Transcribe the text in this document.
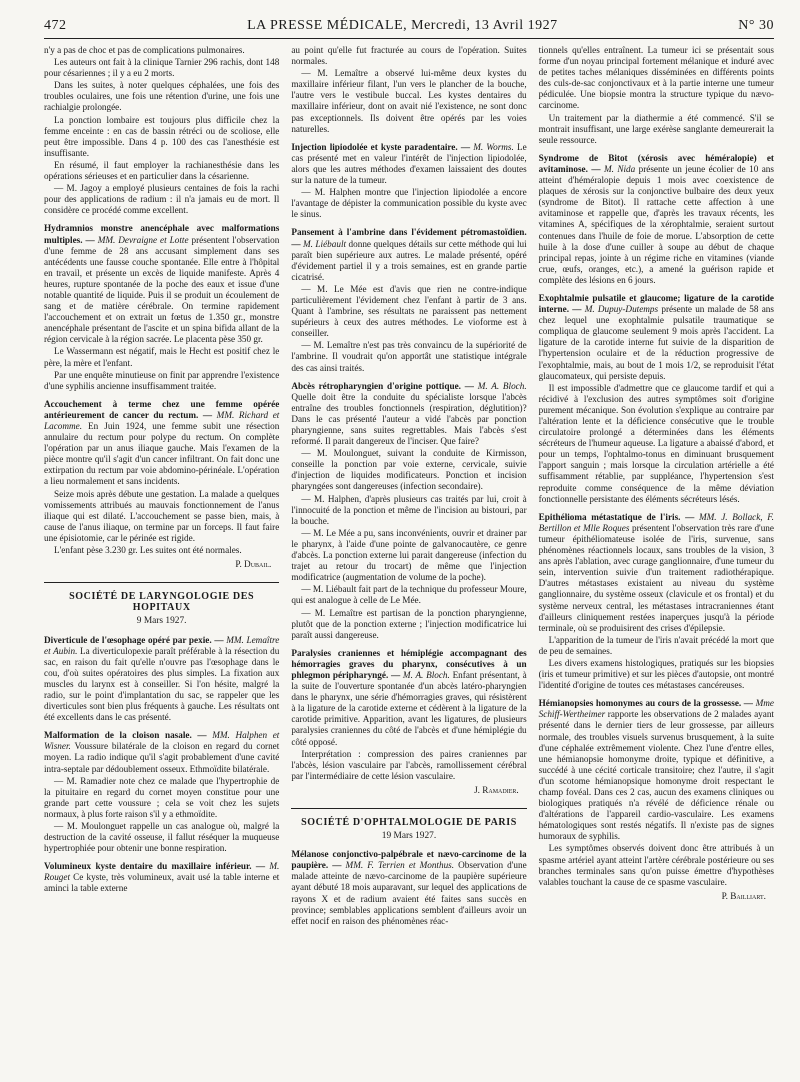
472	LA PRESSE MÉDICALE, Mercredi, 13 Avril 1927	N° 30

n'y a pas de choc et pas de complications pulmonaires.

Les auteurs ont fait à la clinique Tarnier 296 rachis, dont 148 pour césariennes ; il y a eu 2 morts.

Dans les suites, à noter quelques céphalées, une fois des troubles oculaires, une fois une rétention d'urine, une fois une rachialgie prolongée.

La ponction lombaire est toujours plus difficile chez la femme enceinte : en cas de bassin rétréci ou de scoliose, elle peut être impossible. Dans 4 p. 100 des cas l'anesthésie est insuffisante.

En résumé, il faut employer la rachianesthésie dans les opérations sérieuses et en particulier dans la césarienne.

— M. Jagoy a employé plusieurs centaines de fois la rachi pour des applications de radium : il n'a jamais eu de mort. Il considère ce procédé comme excellent.

Hydramnios monstre anencéphale avec malformations multiples. — MM. Devraigne et Lotte présentent l'observation d'une femme de 28 ans accusant simplement dans ses antécédents une fausse couche spontanée. Elle entre à l'hôpital en travail, et présente un excès de liquide manifeste. Après 4 heures, rupture spontanée de la poche des eaux et issue d'une notable quantité de liquide. Puis il se produit un écoulement de sang et de matière cérébrale. On termine rapidement l'accouchement et on extrait un fœtus de 1.350 gr., monstre anencéphale présentant de l'ascite et un spina bifida allant de la région cervicale à la région sacrée. Le placenta pèse 350 gr.

Le Wassermann est négatif, mais le Hecht est positif chez le père, la mère et l'enfant.

Par une enquête minutieuse on finit par apprendre l'existence d'une syphilis ancienne insuffisamment traitée.

Accouchement à terme chez une femme opérée antérieurement de cancer du rectum. — MM. Richard et Lacomme. En Juin 1924, une femme subit une résection annulaire du rectum pour polype du rectum. On complète l'opération par un anus iliaque gauche. Mais l'examen de la pièce montre qu'il s'agit d'un cancer infiltrant. On fait donc une extirpation du rectum par voie abdomino-périnéale. L'opération a lieu normalement et sans incidents.

Seize mois après débute une gestation. La malade a quelques vomissements attribués au mauvais fonctionnement de l'anus iliaque qui est dilaté. L'accouchement se passe bien, mais, à cause de l'anus iliaque, on termine par un forceps. Il faut faire une épisiotomie, car le périnée est rigide.

L'enfant pèse 3.230 gr. Les suites ont été normales.

P. Dubail.

SOCIÉTÉ DE LARYNGOLOGIE DES HOPITAUX
9 Mars 1927.

Diverticule de l'œsophage opéré par pexie. — MM. Lemaître et Aubin. La diverticulopexie paraît préférable à la résection du sac, en raison du fait qu'elle n'ouvre pas l'œsophage dans le cou, d'où suites opératoires des plus simples. La fixation aux muscles du larynx est à conseiller. Si l'on hésite, malgré la radio, sur le point d'implantation du sac, se rappeler que les diverticules sont bien plus fréquents à gauche. Les résultats ont été excellents dans le cas présenté.

Malformation de la cloison nasale. — MM. Halphen et Wisner. Voussure bilatérale de la cloison en regard du cornet moyen. La radio indique qu'il s'agit probablement d'une cavité intra-septale par dédoublement osseux. Ethmoïdite bilatérale.

— M. Ramadier note chez ce malade que l'hypertrophie de la pituitaire en regard du cornet moyen constitue pour une grande part cette voussure ; cela se voit chez les sujets normaux, à plus forte raison s'il y a ethmoïdite.

— M. Moulonguet rappelle un cas analogue où, malgré la destruction de la cavité osseuse, il fallut réséquer la muqueuse hypertrophiée pour obtenir une bonne respiration.

Volumineux kyste dentaire du maxillaire inférieur. — M. Rouget Ce kyste, très volumineux, avait usé la table interne et aminci la table externe

au point qu'elle fut fracturée au cours de l'opération. Suites normales.

— M. Lemaître a observé lui-même deux kystes du maxillaire inférieur filant, l'un vers le plancher de la bouche, l'autre vers le vestibule buccal. Les kystes dentaires du maxillaire inférieur, dont on avait nié l'existence, ne sont donc pas exceptionnels. Ils doivent être opérés par les voies naturelles.

Injection lipiodolée et kyste paradentaire. — M. Worms. Le cas présenté met en valeur l'intérêt de l'injection lipiodolée, alors que les autres méthodes d'examen laissaient des doutes sur la nature de la tumeur.

— M. Halphen montre que l'injection lipiodolée a encore l'avantage de dépister la communication possible du kyste avec le sinus.

Pansement à l'ambrine dans l'évidement pétromastoïdien. — M. Liébault donne quelques détails sur cette méthode qui lui paraît bien supérieure aux autres. Le malade présenté, opéré d'évidement partiel il y a trois semaines, est en grande partie cicatrisé.

— M. Le Mée est d'avis que rien ne contre-indique particulièrement l'évidement chez l'enfant à partir de 3 ans. Quant à l'ambrine, ses résultats ne paraissent pas nettement supérieurs à ceux des autres méthodes. Le vioforme est à conseiller.

— M. Lemaître n'est pas très convaincu de la supériorité de l'ambrine. Il voudrait qu'on apportât une statistique intégrale des cas ainsi traités.

Abcès rétropharyngien d'origine pottique. — M. A. Bloch. Quelle doit être la conduite du spécialiste lorsque l'abcès entraîne des troubles fonctionnels (respiration, déglutition)? Dans le cas présenté l'auteur a vidé l'abcès par ponction pharyngienne, sans suites regrettables. Mais l'abcès s'est reformé. Il parait dangereux de l'inciser. Que faire?

— M. Moulonguet, suivant la conduite de Kirmisson, conseille la ponction par voie externe, cervicale, suivie d'injection de liquides modificateurs. Ponction et incision pharyngées sont dangereuses (infection secondaire).

— M. Halphen, d'après plusieurs cas traités par lui, croit à l'innocuité de la ponction et même de l'incision au bistouri, par la bouche.

— M. Le Mée a pu, sans inconvénients, ouvrir et drainer par le pharynx, à l'aide d'une pointe de galvanocautère, ce genre d'abcès. La ponction externe lui parait dangereuse (infection du trajet au retour du trocart) de même que l'injection modificatrice (augmentation de volume de la poche).

— M. Liébault fait part de la technique du professeur Moure, qui est analogue à celle de Le Mée.

— M. Lemaître est partisan de la ponction pharyngienne, plutôt que de la ponction externe ; l'injection modificatrice lui paraît aussi dangereuse.

Paralysies craniennes et hémiplégie accompagnant des hémorragies graves du pharynx, consécutives à un phlegmon péripharyngé. — M. A. Bloch. Enfant présentant, à la suite de l'ouverture spontanée d'un abcès latéro-pharyngien dans le pharynx, une série d'hémorragies graves, qui résistèrent à la ligature de la carotide externe et cédèrent à la ligature de la carotide primitive. Apparition, avant les ligatures, de plusieurs paralysies craniennes du côté de l'abcès et d'une hémiplégie du côté opposé.

Interprétation : compression des paires craniennes par l'abcès, lésion vasculaire par l'abcès, ramollissement cérébral par l'intermédiaire de cette lésion vasculaire.

J. Ramadier.

SOCIÉTÉ D'OPHTALMOLOGIE DE PARIS
19 Mars 1927.

Mélanose conjonctivo-palpébrale et nævo-carcinome de la paupière. — MM. F. Terrien et Monthus. Observation d'une malade atteinte de nævo-carcinome de la paupière supérieure ayant débuté 18 mois auparavant, sur lequel des applications de rayons X et de radium avaient été faites sans succès en province; semblables applications semblent d'ailleurs avoir un effet nocif en raison des phénomènes réac-

tionnels qu'elles entraînent. La tumeur ici se présentait sous forme d'un noyau principal fortement mélanique et induré avec de petites taches mélaniques disséminées en différents points des culs-de-sac conjonctivaux et à la partie interne une tumeur pédiculée. Une biopsie montra la structure typique du nævo-carcinome.

Un traitement par la diathermie a été commencé. S'il se montrait insuffisant, une large exérèse sanglante demeurerait la seule ressource.

Syndrome de Bitot (xérosis avec héméralopie) et avitaminose. — M. Nida présente un jeune écolier de 10 ans atteint d'héméralopie depuis 1 mois avec coexistence de plaques de xérosis sur la conjonctive bulbaire des deux yeux (syndrome de Bitot). Il rattache cette affection à une avitaminose et rappelle que, d'après les travaux récents, les vitamines A, spécifiques de la xérophtalmie, seraient surtout contenues dans l'huile de foie de morue. L'absorption de cette huile à la dose d'une cuiller à soupe au début de chaque principal repas, jointe à un régime riche en vitamines (viande crue, œufs, oranges, etc.), a amené la guérison rapide et complète des lésions en 6 jours.

Exophtalmie pulsatile et glaucome; ligature de la carotide interne. — M. Dupuy-Dutemps présente un malade de 58 ans chez lequel une exophtalmie pulsatile traumatique se compliqua de glaucome seulement 9 mois après l'accident. La ligature de la carotide interne fut suivie de la disparition de l'hypertension oculaire et de la réduction progressive de l'exophtalmie, mais, au bout de 1 mois 1/2, se reproduisit l'état glaucomateux, qui persiste depuis.

Il est impossible d'admettre que ce glaucome tardif et qui a récidivé à l'exclusion des autres symptômes soit d'origine purement mécanique. Son évolution s'explique au contraire par l'altération lente et la déficience consécutive que le trouble circulatoire prolongé a déterminées dans les éléments sécréteurs de l'humeur aqueuse. La ligature a abaissé d'abord, et pour un temps, l'ophtalmo-tonus en diminuant brusquement l'apport sanguin ; mais lorsque la circulation artérielle a été suffisamment rétablie, par suppléance, l'hypertension s'est reproduite comme conséquence de la même déviation fonctionnelle persistante des éléments sécréteurs lésés.

Epithélioma métastatique de l'iris. — MM. J. Bollack, F. Bertillon et Mlle Roques présentent l'observation très rare d'une tumeur épithéliomateuse isolée de l'iris, survenue, sans phénomènes réactionnels locaux, sans troubles de la vision, 3 ans après l'ablation, avec curage ganglionnaire, d'une tumeur du sein, intervention suivie d'un traitement radiothérapique. D'autres métastases existaient au niveau du système ganglionnaire, du système osseux (clavicule et os frontal) et du système nerveux central, les métastases intracraniennes étant d'ailleurs cliniquement restées inaperçues jusqu'à la période terminale, où se produisirent des crises d'épilepsie.

L'apparition de la tumeur de l'iris n'avait précédé la mort que de peu de semaines.

Les divers examens histologiques, pratiqués sur les biopsies (iris et tumeur primitive) et sur les pièces d'autopsie, ont montré l'identité d'origine de toutes ces métastases cancéreuses.

Hémianopsies homonymes au cours de la grossesse. — Mme Schiff-Wertheimer rapporte les observations de 2 malades ayant présenté dans le dernier tiers de leur grossesse, par ailleurs normale, des troubles visuels survenus brusquement, à la suite d'une céphalée extrêmement violente. Chez l'une d'entre elles, une hémianopsie homonyme droite, typique et définitive, a succédé à une cécité corticale transitoire; chez l'autre, il s'agit d'un scotome hémianopsique homonyme droit respectant le champ fovéal. Dans ces 2 cas, aucun des examens cliniques ou biologiques pratiqués n'a révélé de déficience rénale ou d'altérations de l'appareil cardio-vasculaire. Les examens hématologiques sont restés négatifs. Il n'existe pas de signes humoraux de syphilis.

Les symptômes observés doivent donc être attribués à un spasme artériel ayant atteint l'artère cérébrale postérieure ou ses branches terminales sans qu'on puisse émettre d'hypothèses valables touchant la cause de ce spasme vasculaire.

P. Bailliart.
